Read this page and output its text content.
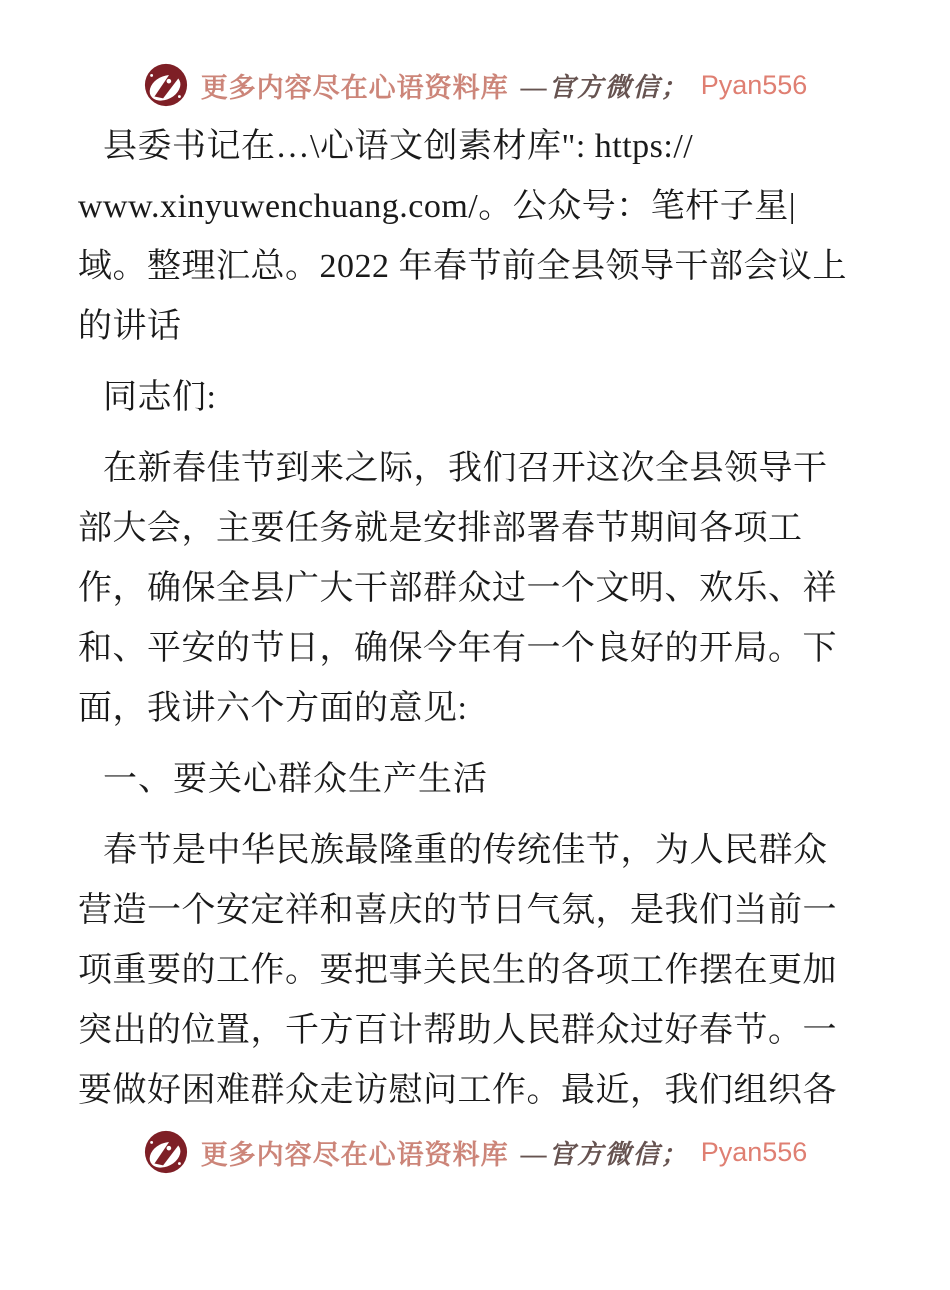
更多内容尽在心语资料库 —官方微信； Pyan556
县委书记在…\心语文创素材库": https://
www.xinyuwenchuang.com/。公众号：笔杆子星|
域。整理汇总。2022 年春节前全县领导干部会议上
的讲话
同志们:
在新春佳节到来之际，我们召开这次全县领导干
部大会，主要任务就是安排部署春节期间各项工
作，确保全县广大干部群众过一个文明、欢乐、祥
和、平安的节日，确保今年有一个良好的开局。下
面，我讲六个方面的意见:
一、要关心群众生产生活
春节是中华民族最隆重的传统佳节，为人民群众
营造一个安定祥和喜庆的节日气氛，是我们当前一
项重要的工作。要把事关民生的各项工作摆在更加
突出的位置，千方百计帮助人民群众过好春节。一
要做好困难群众走访慰问工作。最近，我们组织各
更多内容尽在心语资料库 —官方微信； Pyan556
